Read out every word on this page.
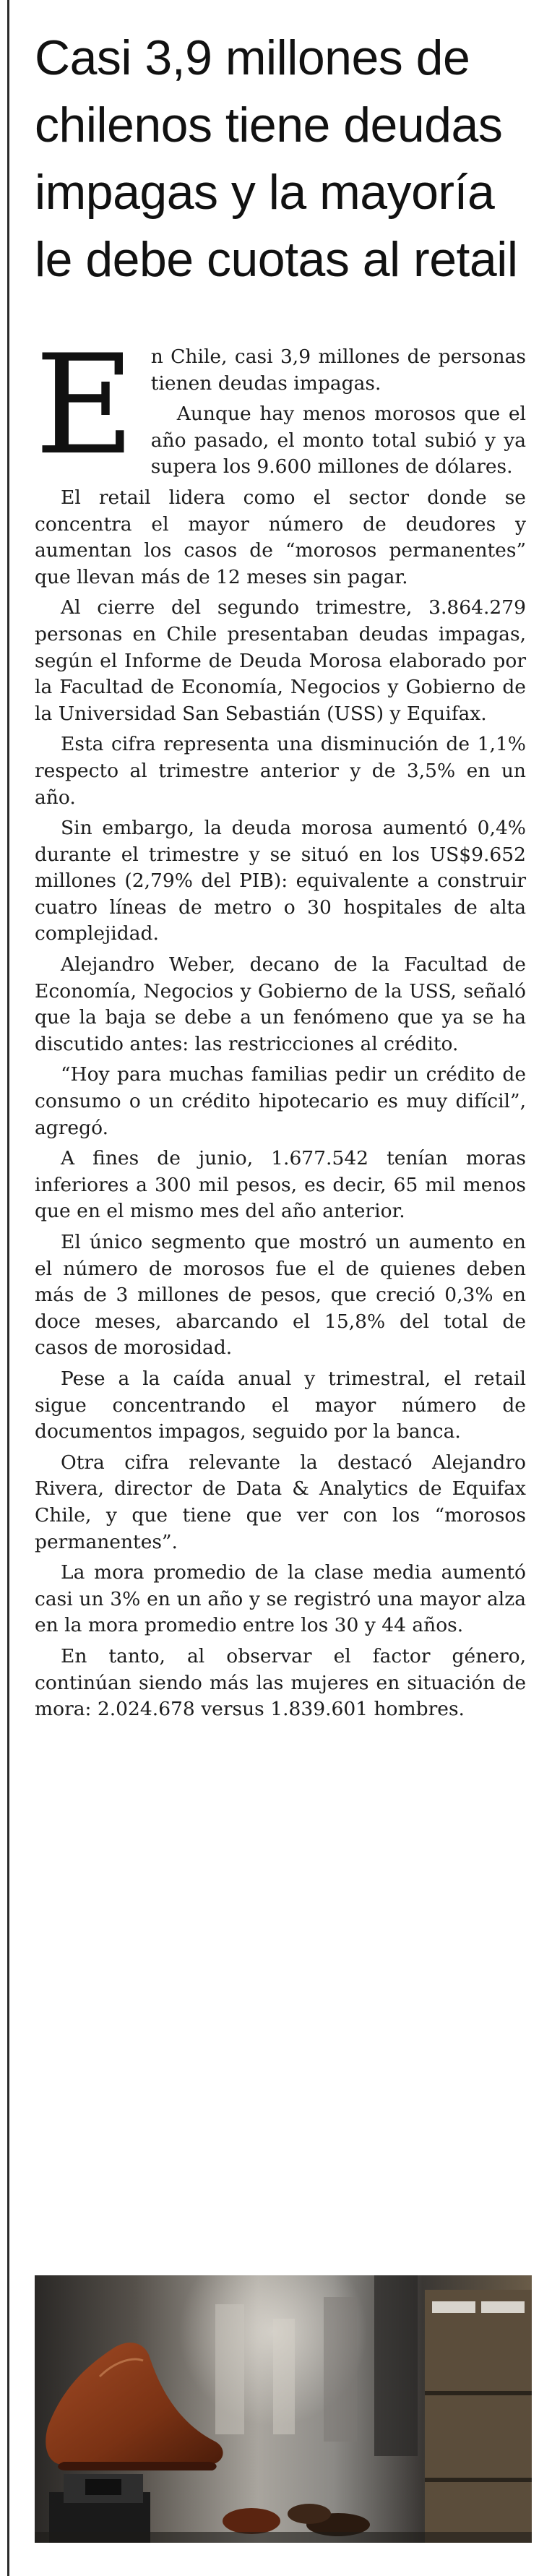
Casi 3,9 millones de chilenos tiene deudas impagas y la mayoría le debe cuotas al retail
E n Chile, casi 3,9 millones de personas tienen deudas impagas.

Aunque hay menos morosos que el año pasado, el monto total subió y ya supera los 9.600 millones de dólares.

El retail lidera como el sector donde se concentra el mayor número de deudores y aumentan los casos de “morosos permanentes” que llevan más de 12 meses sin pagar.

Al cierre del segundo trimestre, 3.864.279 personas en Chile presentaban deudas impagas, según el Informe de Deuda Morosa elaborado por la Facultad de Economía, Negocios y Gobierno de la Universidad San Sebastián (USS) y Equifax.

Esta cifra representa una disminución de 1,1% respecto al trimestre anterior y de 3,5% en un año.

Sin embargo, la deuda morosa aumentó 0,4% durante el trimestre y se situó en los US$9.652 millones (2,79% del PIB): equivalente a construir cuatro líneas de metro o 30 hospitales de alta complejidad.

Alejandro Weber, decano de la Facultad de Economía, Negocios y Gobierno de la USS, señaló que la baja se debe a un fenómeno que ya se ha discutido antes: las restricciones al crédito.

“Hoy para muchas familias pedir un crédito de consumo o un crédito hipotecario es muy difícil”, agregó.

A fines de junio, 1.677.542 tenían moras inferiores a 300 mil pesos, es decir, 65 mil menos que en el mismo mes del año anterior.

El único segmento que mostró un aumento en el número de morosos fue el de quienes deben más de 3 millones de pesos, que creció 0,3% en doce meses, abarcando el 15,8% del total de casos de morosidad.

Pese a la caída anual y trimestral, el retail sigue concentrando el mayor número de documentos impagos, seguido por la banca.

Otra cifra relevante la destacó Alejandro Rivera, director de Data & Analytics de Equifax Chile, y que tiene que ver con los “morosos permanentes”.

La mora promedio de la clase media aumentó casi un 3% en un año y se registró una mayor alza en la mora promedio entre los 30 y 44 años.

En tanto, al observar el factor género, continúan siendo más las mujeres en situación de mora: 2.024.678 versus 1.839.601 hombres.
